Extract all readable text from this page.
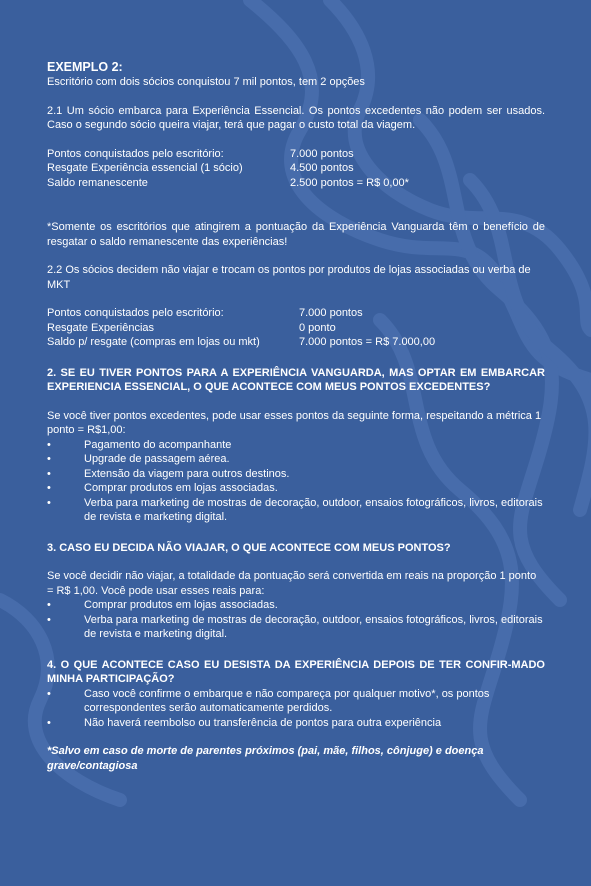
EXEMPLO 2:

Escritório com dois sócios conquistou 7 mil pontos, tem 2 opções

2.1 Um sócio embarca para Experiência Essencial. Os pontos excedentes não podem ser usados. Caso o segundo sócio queira viajar, terá que pagar o custo total da viagem.

Pontos conquistados pelo escritório:	7.000 pontos
Resgate Experiência essencial (1 sócio)	4.500 pontos
Saldo remanescente	2.500 pontos = R$ 0,00*

*Somente os escritórios que atingirem a pontuação da Experiência Vanguarda têm o benefício de resgatar o saldo remanescente das experiências!

2.2 Os sócios decidem não viajar e trocam os pontos por produtos de lojas associadas ou verba de MKT

Pontos conquistados pelo escritório:	7.000 pontos
Resgate Experiências	0 ponto
Saldo p/ resgate (compras em lojas ou mkt)	7.000 pontos = R$ 7.000,00
2. SE EU TIVER PONTOS PARA A EXPERIÊNCIA VANGUARDA, MAS OPTAR EM EMBARCAR EXPERIENCIA ESSENCIAL, O QUE ACONTECE COM MEUS PONTOS EXCEDENTES?

Se você tiver pontos excedentes, pode usar esses pontos da seguinte forma, respeitando a métrica 1 ponto = R$1,00:

• Pagamento do acompanhante
• Upgrade de passagem aérea.
• Extensão da viagem para outros destinos.
• Comprar produtos em lojas associadas.
• Verba para marketing de mostras de decoração, outdoor, ensaios fotográficos, livros, editorais de revista e marketing digital.
3. CASO EU DECIDA NÃO VIAJAR, O QUE ACONTECE COM MEUS PONTOS?

Se você decidir não viajar, a totalidade da pontuação será convertida em reais na proporção 1 ponto = R$ 1,00. Você pode usar esses reais para:

• Comprar produtos em lojas associadas.
• Verba para marketing de mostras de decoração, outdoor, ensaios fotográficos, livros, editorais de revista e marketing digital.
4. O QUE ACONTECE CASO EU DESISTA DA EXPERIÊNCIA DEPOIS DE TER CONFIR-MADO MINHA PARTICIPAÇÃO?
• Caso você confirme o embarque e não compareça por qualquer motivo*, os pontos correspondentes serão automaticamente perdidos.
• Não haverá reembolso ou transferência de pontos para outra experiência

*Salvo em caso de morte de parentes próximos (pai, mãe, filhos, cônjuge) e doença grave/contagiosa
